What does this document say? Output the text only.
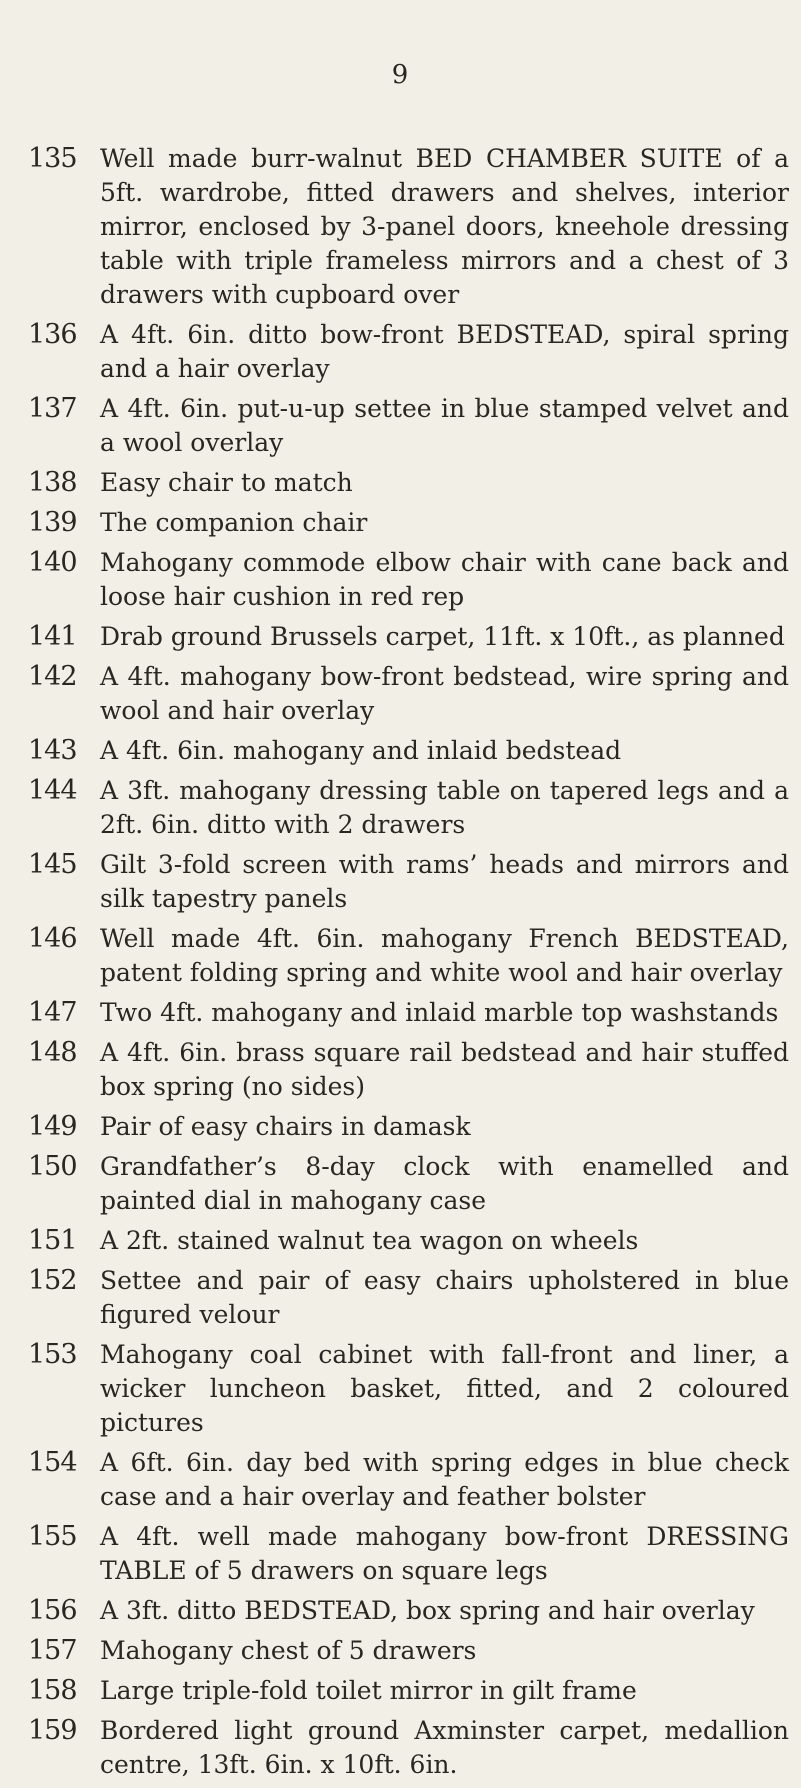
9
135 Well made burr-walnut BED CHAMBER SUITE of a 5ft. wardrobe, fitted drawers and shelves, interior mirror, enclosed by 3-panel doors, kneehole dressing table with triple frameless mirrors and a chest of 3 drawers with cupboard over
136 A 4ft. 6in. ditto bow-front BEDSTEAD, spiral spring and a hair overlay
137 A 4ft. 6in. put-u-up settee in blue stamped velvet and a wool overlay
138 Easy chair to match
139 The companion chair
140 Mahogany commode elbow chair with cane back and loose hair cushion in red rep
141 Drab ground Brussels carpet, 11ft. x 10ft., as planned
142 A 4ft. mahogany bow-front bedstead, wire spring and wool and hair overlay
143 A 4ft. 6in. mahogany and inlaid bedstead
144 A 3ft. mahogany dressing table on tapered legs and a 2ft. 6in. ditto with 2 drawers
145 Gilt 3-fold screen with rams’ heads and mirrors and silk tapestry panels
146 Well made 4ft. 6in. mahogany French BEDSTEAD, patent folding spring and white wool and hair overlay
147 Two 4ft. mahogany and inlaid marble top washstands
148 A 4ft. 6in. brass square rail bedstead and hair stuffed box spring (no sides)
149 Pair of easy chairs in damask
150 Grandfather’s 8-day clock with enamelled and painted dial in mahogany case
151 A 2ft. stained walnut tea wagon on wheels
152 Settee and pair of easy chairs upholstered in blue figured velour
153 Mahogany coal cabinet with fall-front and liner, a wicker luncheon basket, fitted, and 2 coloured pictures
154 A 6ft. 6in. day bed with spring edges in blue check case and a hair overlay and feather bolster
155 A 4ft. well made mahogany bow-front DRESSING TABLE of 5 drawers on square legs
156 A 3ft. ditto BEDSTEAD, box spring and hair overlay
157 Mahogany chest of 5 drawers
158 Large triple-fold toilet mirror in gilt frame
159 Bordered light ground Axminster carpet, medallion centre, 13ft. 6in. x 10ft. 6in.
